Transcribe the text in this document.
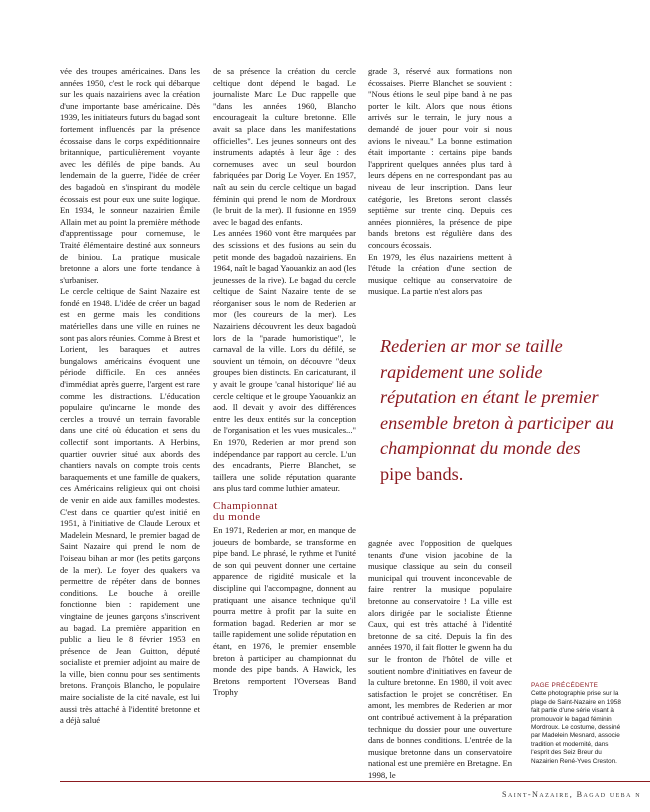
vée des troupes américaines. Dans les années 1950, c'est le rock qui débarque sur les quais nazairiens avec la création d'une importante base américaine. Dès 1939, les initiateurs futurs du bagad sont fortement influencés par la présence écossaise dans le corps expéditionnaire britannique, particulièrement voyante avec les défilés de pipe bands. Au lendemain de la guerre, l'idée de créer des bagadoù en s'inspirant du modèle écossais est pour eux une suite logique. En 1934, le sonneur nazairien Émile Allain met au point la première méthode d'apprentissage pour cornemuse, le Traité élémentaire destiné aux sonneurs de biniou. La pratique musicale bretonne a alors une forte tendance à s'urbaniser.

Le cercle celtique de Saint Nazaire est fondé en 1948. L'idée de créer un bagad est en germe mais les conditions matérielles dans une ville en ruines ne sont pas alors réunies. Comme à Brest et Lorient, les baraques et autres bungalows américains évoquent une période difficile. En ces années d'immédiat après guerre, l'argent est rare comme les distractions. L'éducation populaire qu'incarne le monde des cercles a trouvé un terrain favorable dans une cité où éducation et sens du collectif sont importants. A Herbins, quartier ouvrier situé aux abords des chantiers navals on compte trois cents baraquements et une famille de quakers, ces Américains religieux qui ont choisi de venir en aide aux familles modestes. C'est dans ce quartier qu'est initié en 1951, à l'initiative de Claude Leroux et Madelein Mesnard, le premier bagad de Saint Nazaire qui prend le nom de l'oiseau bihan ar mor (les petits garçons de la mer). Le foyer des quakers va permettre de répéter dans de bonnes conditions. Le bouche à oreille fonctionne bien : rapidement une vingtaine de jeunes garçons s'inscrivent au bagad. La première apparition en public a lieu le 8 février 1953 en présence de Jean Guitton, député socialiste et premier adjoint au maire de la ville, bien connu pour ses sentiments bretons. François Blancho, le populaire maire socialiste de la cité navale, est lui aussi très attaché à l'identité bretonne et a déjà salué

de sa présence la création du cercle celtique dont dépend le bagad. Le journaliste Marc Le Duc rappelle que "dans les années 1960, Blancho encourageait la culture bretonne. Elle avait sa place dans les manifestations officielles". Les jeunes sonneurs ont des instruments adaptés à leur âge : des cornemuses avec un seul bourdon fabriquées par Dorig Le Voyer. En 1957, naît au sein du cercle celtique un bagad féminin qui prend le nom de Mordroux (le bruit de la mer). Il fusionne en 1959 avec le bagad des enfants.

Les années 1960 vont être marquées par des scissions et des fusions au sein du petit monde des bagadoù nazairiens. En 1964, naît le bagad Yaouankiz an aod (les jeunesses de la rive). Le bagad du cercle celtique de Saint Nazaire tente de se réorganiser sous le nom de Rederien ar mor (les coureurs de la mer). Les Nazairiens découvrent les deux bagadoù lors de la "parade humoristique", le carnaval de la ville. Lors du défilé, se souvient un témoin, on découvre "deux groupes bien distincts. En caricaturant, il y avait le groupe 'canal historique' lié au cercle celtique et le groupe Yaouankiz an aod. Il devait y avoir des différences entre les deux entités sur la conception de l'organisation et les vues musicales..." En 1970, Rederien ar mor prend son indépendance par rapport au cercle. L'un des encadrants, Pierre Blanchet, se taillera une solide réputation quarante ans plus tard comme luthier amateur.

Championnat
du monde

En 1971, Rederien ar mor, en manque de joueurs de bombarde, se transforme en pipe band. Le phrasé, le rythme et l'unité de son qui peuvent donner une certaine apparence de rigidité musicale et la discipline qui l'accompagne, donnent au pratiquant une aisance technique qu'il pourra mettre à profit par la suite en formation bagad. Rederien ar mor se taille rapidement une solide réputation en étant, en 1976, le premier ensemble breton à participer au championnat du monde des pipe bands. A Hawick, les Bretons remportent l'Overseas Band Trophy

grade 3, réservé aux formations non écossaises. Pierre Blanchet se souvient : "Nous étions le seul pipe band à ne pas porter le kilt. Alors que nous étions arrivés sur le terrain, le jury nous a demandé de jouer pour voir si nous avions le niveau." La bonne estimation était importante : certains pipe bands l'apprirent quelques années plus tard à leurs dépens en ne correspondant pas au niveau de leur inscription. Dans leur catégorie, les Bretons seront classés septième sur trente cinq. Depuis ces années pionnières, la présence de pipe bands bretons est régulière dans des concours écossais.

En 1979, les élus nazairiens mettent à l'étude la création d'une section de musique celtique au conservatoire de musique. La partie n'est alors pas

Rederien ar mor se taille rapidement une solide réputation en étant le premier ensemble breton à participer au championnat du monde des pipe bands.

gagnée avec l'opposition de quelques tenants d'une vision jacobine de la musique classique au sein du conseil municipal qui trouvent inconcevable de faire rentrer la musique populaire bretonne au conservatoire ! La ville est alors dirigée par le socialiste Étienne Caux, qui est très attaché à l'identité bretonne de sa cité. Depuis la fin des années 1970, il fait flotter le gwenn ha du sur le fronton de l'hôtel de ville et soutient nombre d'initiatives en faveur de la culture bretonne. En 1980, il voit avec satisfaction le projet se concrétiser. En amont, les membres de Rederien ar mor ont contribué activement à la préparation technique du dossier pour une ouverture dans de bonnes conditions. L'entrée de la musique bretonne dans un conservatoire national est une première en Bretagne. En 1998, le

PAGE PRÉCÉDENTE
Cette photographie prise sur la plage de Saint-Nazaire en 1958 fait partie d'une série visant à promouvoir le bagad féminin Mordroux. Le costume, dessiné par Madelein Mesnard, associe tradition et modernité, dans l'esprit des Seiz Breur du Nazairien René-Yves Creston.
Saint-Nazaire, Bagad ueba n
